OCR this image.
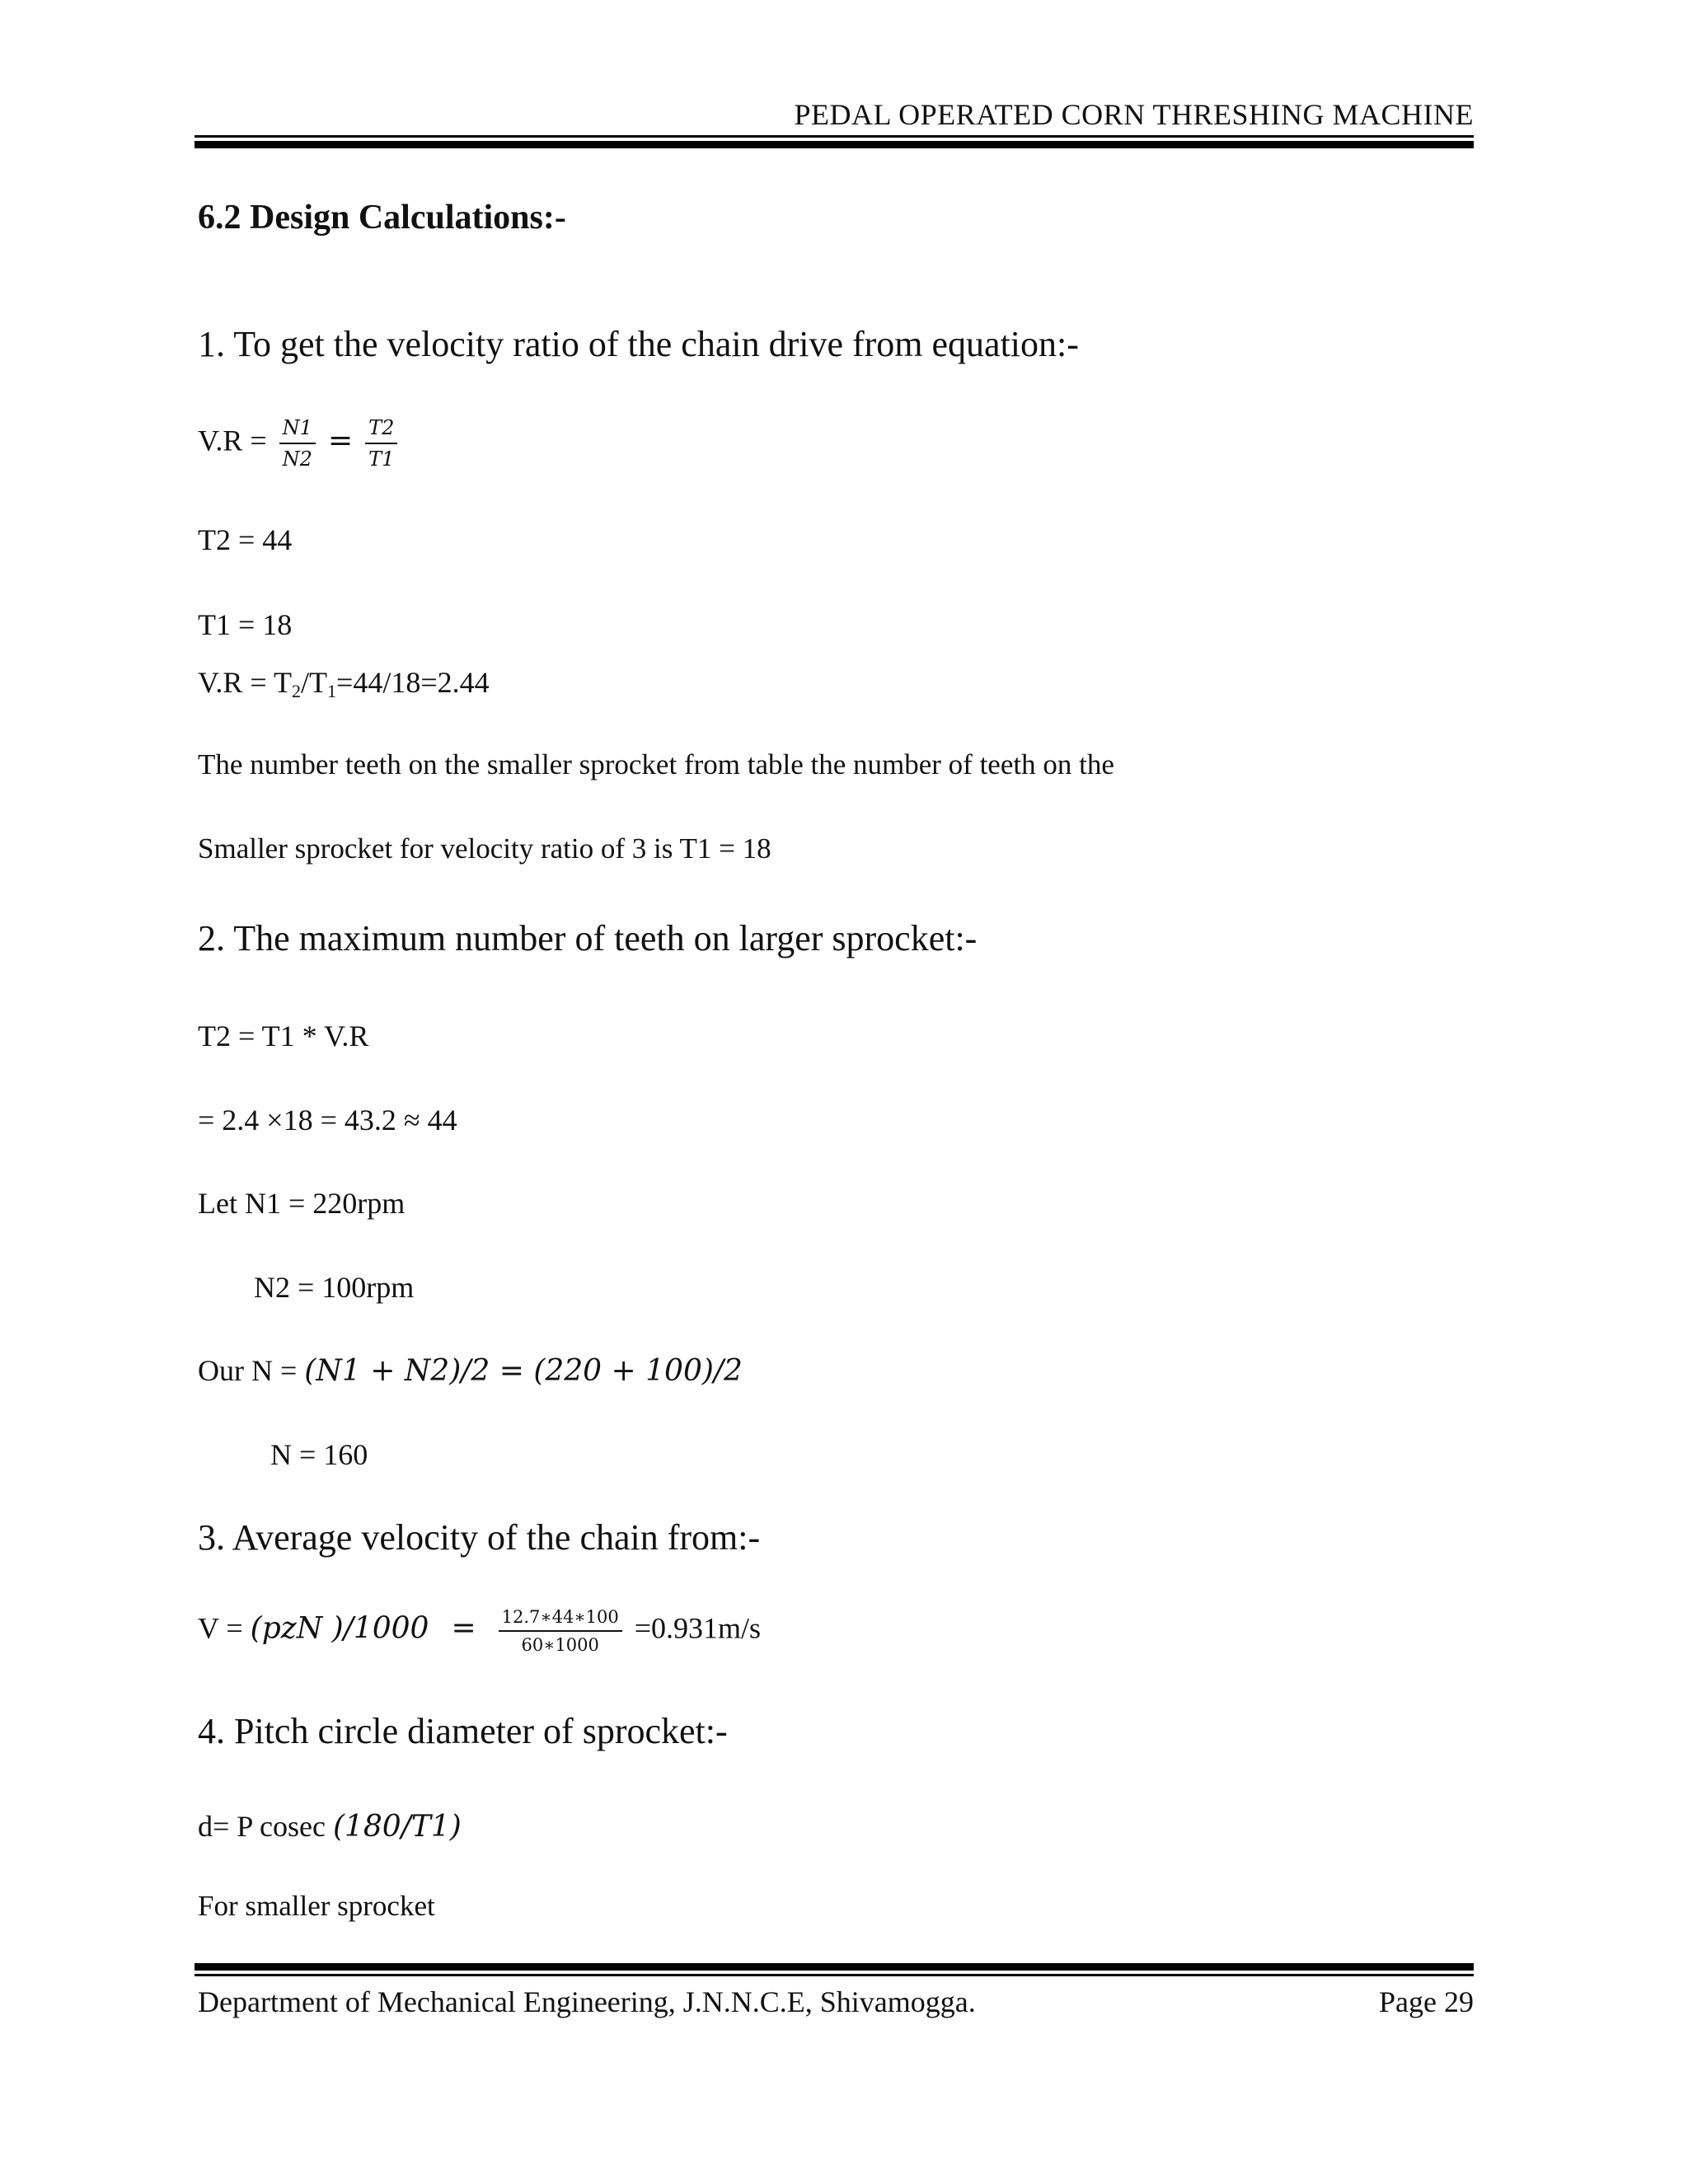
PEDAL OPERATED CORN THRESHING MACHINE
6.2 Design Calculations:-
1. To get the velocity ratio of the chain drive from equation:-
$V.R = \frac{N1}{N2} = \frac{T2}{T1}$
T2 = 44
T1 = 18
$V.R = T_2/T_1=44/18=2.44$
The number teeth on the smaller sprocket from table the number of teeth on the
Smaller sprocket for velocity ratio of 3 is T1 = 18
2. The maximum number of teeth on larger sprocket:-
T2 = T1 * V.R
= 2.4 ×18 = 43.2 ≈ 44
Let N1 = 220rpm
N2 = 100rpm
Our N = (N1 + N2)/2 = (220 + 100)/2
N = 160
3. Average velocity of the chain from:-
V = (pzN )$/1000 = \frac{12.7∗44∗100}{60∗1000} =0.931m/s$
4. Pitch circle diameter of sprocket:-
d= P cosec (180/T1)
For smaller sprocket
Department of Mechanical Engineering, J.N.N.C.E, Shivamogga.	Page 29
